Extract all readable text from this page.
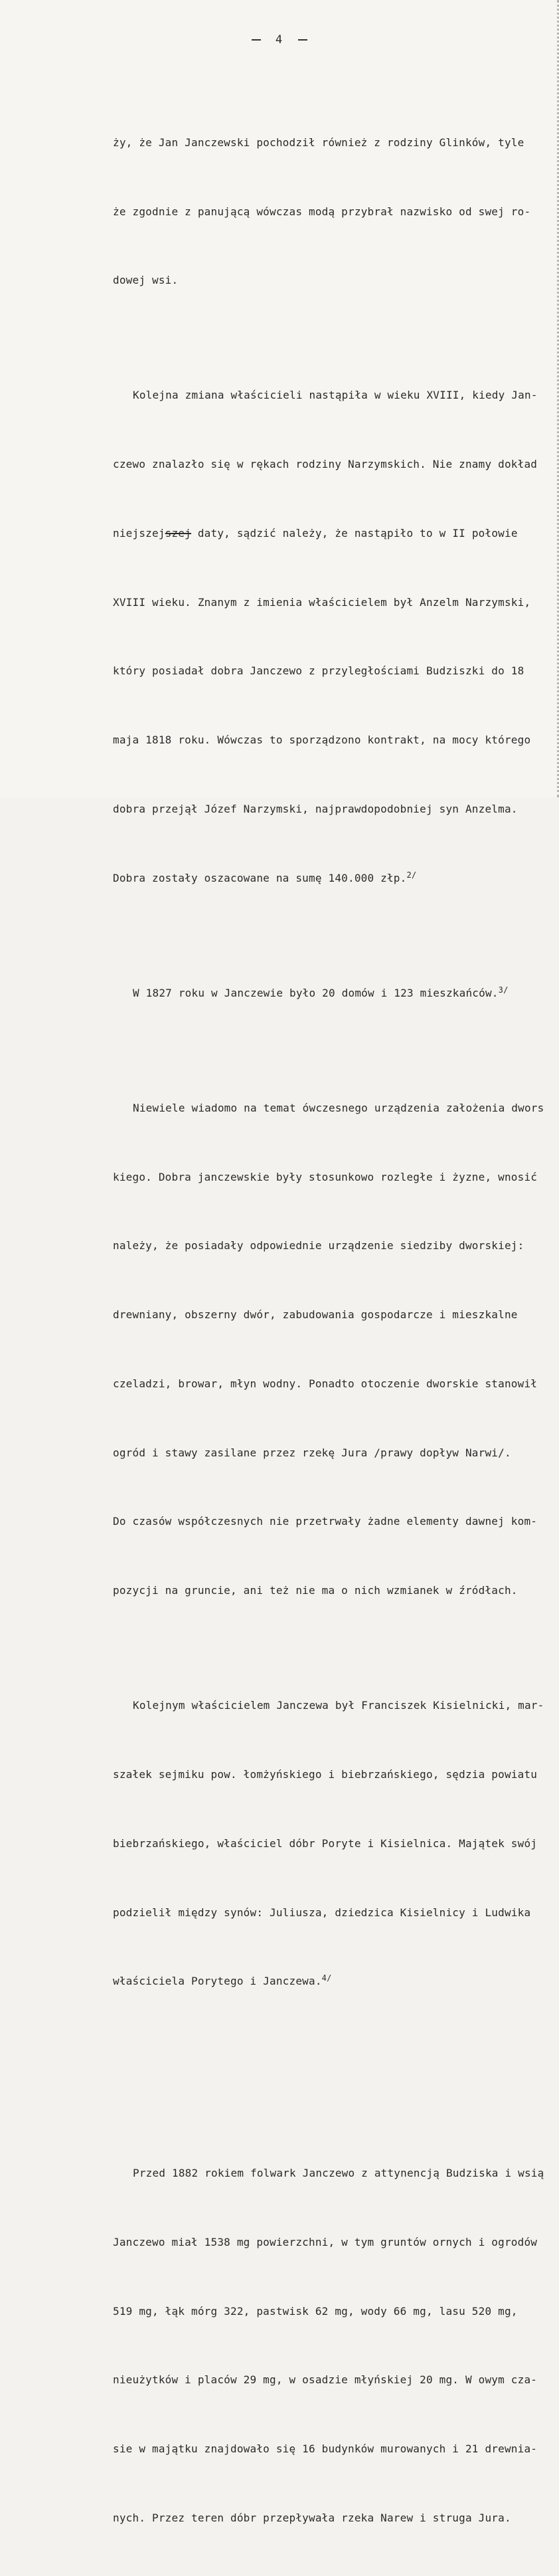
4

ży, że Jan Janczewski pochodził również z rodziny Glinków, tyle

że zgodnie z panującą wówczas modą przybrał nazwisko od swej ro-

dowej wsi.

Kolejna zmiana właścicieli nastąpiła w wieku XVIII, kiedy Jan-

czewo znalazło się w rękach rodziny Narzymskich. Nie znamy dokład

niejszejszej daty, sądzić należy, że nastąpiło to w II połowie

XVIII wieku. Znanym z imienia właścicielem był Anzelm Narzymski,

który posiadał dobra Janczewo z przyległościami Budziszki do 18

maja 1818 roku. Wówczas to sporządzono kontrakt, na mocy którego

dobra przejął Józef Narzymski, najprawdopodobniej syn Anzelma.

Dobra zostały oszacowane na sumę 140.000 złp.$^{2/}$

W 1827 roku w Janczewie było 20 domów i 123 mieszkańców.$^{3/}$

Niewiele wiadomo na temat ówczesnego urządzenia założenia dwors

kiego. Dobra janczewskie były stosunkowo rozległe i żyzne, wnosić

należy, że posiadały odpowiednie urządzenie siedziby dworskiej:

drewniany, obszerny dwór, zabudowania gospodarcze i mieszkalne

czeladzi, browar, młyn wodny. Ponadto otoczenie dworskie stanowił

ogród i stawy zasilane przez rzekę Jura /prawy dopływ Narwi/.

Do czasów współczesnych nie przetrwały żadne elementy dawnej kom-

pozycji na gruncie, ani też nie ma o nich wzmianek w źródłach.

Kolejnym właścicielem Janczewa był Franciszek Kisielnicki, mar-

szałek sejmiku pow. łomżyńskiego i biebrzańskiego, sędzia powiatu

biebrzańskiego, właściciel dóbr Poryte i Kisielnica. Majątek swój

podzielił między synów: Juliusza, dziedzica Kisielnicy i Ludwika

właściciela Porytego i Janczewa.$^{4/}$

Przed 1882 rokiem folwark Janczewo z attynencją Budziska i wsią

Janczewo miał 1538 mg powierzchni, w tym gruntów ornych i ogrodów

519 mg, łąk mórg 322, pastwisk 62 mg, wody 66 mg, lasu 520 mg,

nieużytków i placów 29 mg, w osadzie młyńskiej 20 mg. W owym cza-

sie w majątku znajdowało się 16 budynków murowanych i 21 drewnia-

nych. Przez teren dóbr przepływała rzeka Narew i struga Jura.
